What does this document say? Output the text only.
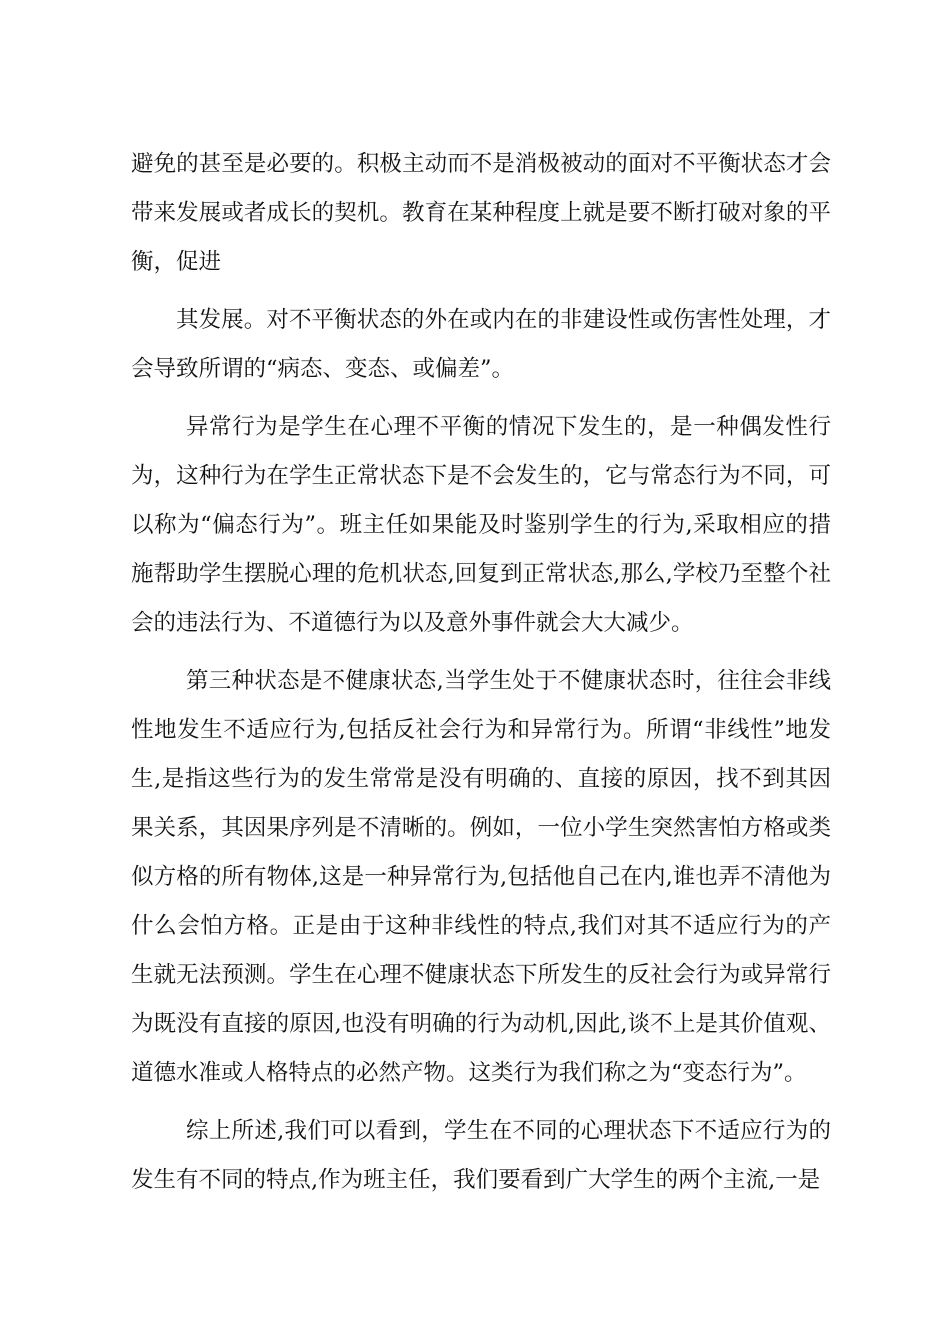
避免的甚至是必要的。积极主动而不是消极被动的面对不平衡状态才会带来发展或者成长的契机。教育在某种程度上就是要不断打破对象的平衡，促进

其发展。对不平衡状态的外在或内在的非建设性或伤害性处理，才会导致所谓的“病态、变态、或偏差”。

异常行为是学生在心理不平衡的情况下发生的，是一种偶发性行为，这种行为在学生正常状态下是不会发生的，它与常态行为不同，可以称为“偏态行为”。班主任如果能及时鉴别学生的行为,采取相应的措施帮助学生摆脱心理的危机状态,回复到正常状态,那么,学校乃至整个社会的违法行为、不道德行为以及意外事件就会大大减少。

第三种状态是不健康状态,当学生处于不健康状态时，往往会非线性地发生不适应行为,包括反社会行为和异常行为。所谓“非线性”地发生,是指这些行为的发生常常是没有明确的、直接的原因，找不到其因果关系，其因果序列是不清晰的。例如，一位小学生突然害怕方格或类似方格的所有物体,这是一种异常行为,包括他自己在内,谁也弄不清他为什么会怕方格。正是由于这种非线性的特点,我们对其不适应行为的产生就无法预测。学生在心理不健康状态下所发生的反社会行为或异常行为既没有直接的原因,也没有明确的行为动机,因此,谈不上是其价值观、道德水准或人格特点的必然产物。这类行为我们称之为“变态行为”。

综上所述,我们可以看到，学生在不同的心理状态下不适应行为的发生有不同的特点,作为班主任，我们要看到广大学生的两个主流,一是
